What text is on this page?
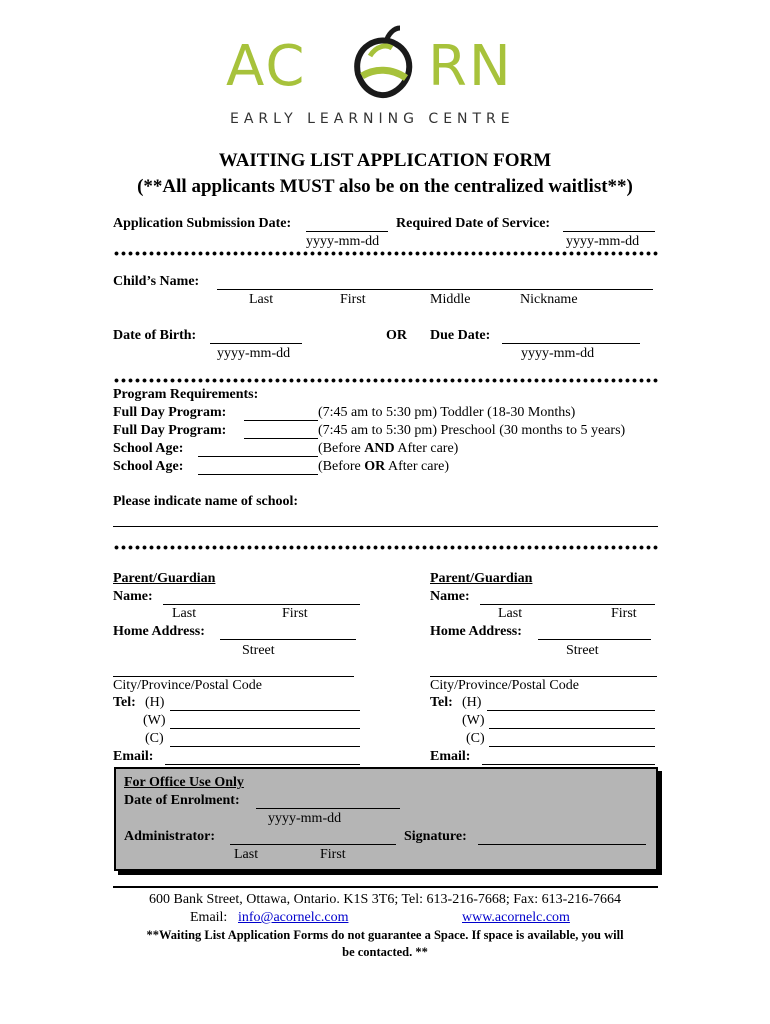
AC RN
EARLY LEARNING CENTRE
WAITING LIST APPLICATION FORM
(**All applicants MUST also be on the centralized waitlist**)
Application Submission Date:
yyyy-mm-dd
Required Date of Service:
yyyy-mm-dd
Child’s Name:
Last	First	Middle	Nickname
Date of Birth:
yyyy-mm-dd
OR Due Date:
yyyy-mm-dd
Program Requirements:
Full Day Program:	(7:45 am to 5:30 pm) Toddler (18-30 Months)
Full Day Program:	(7:45 am to 5:30 pm) Preschool (30 months to 5 years)
School Age:	(Before AND After care)
School Age:	(Before OR After care)
Please indicate name of school:
Parent/Guardian
Name:
Last	First
Home Address:
Street
City/Province/Postal Code
Tel: (H)
(W)
(C)
Email:
Parent/Guardian
Name:
Last	First
Home Address:
Street
City/Province/Postal Code
Tel: (H)
(W)
(C)
Email:
For Office Use Only
Date of Enrolment:
yyyy-mm-dd
Administrator:
Last	First
Signature:
600 Bank Street, Ottawa, Ontario. K1S 3T6; Tel: 613-216-7668; Fax: 613-216-7664
Email: info@acornelc.com	www.acornelc.com
**Waiting List Application Forms do not guarantee a Space. If space is available, you will
be contacted. **
